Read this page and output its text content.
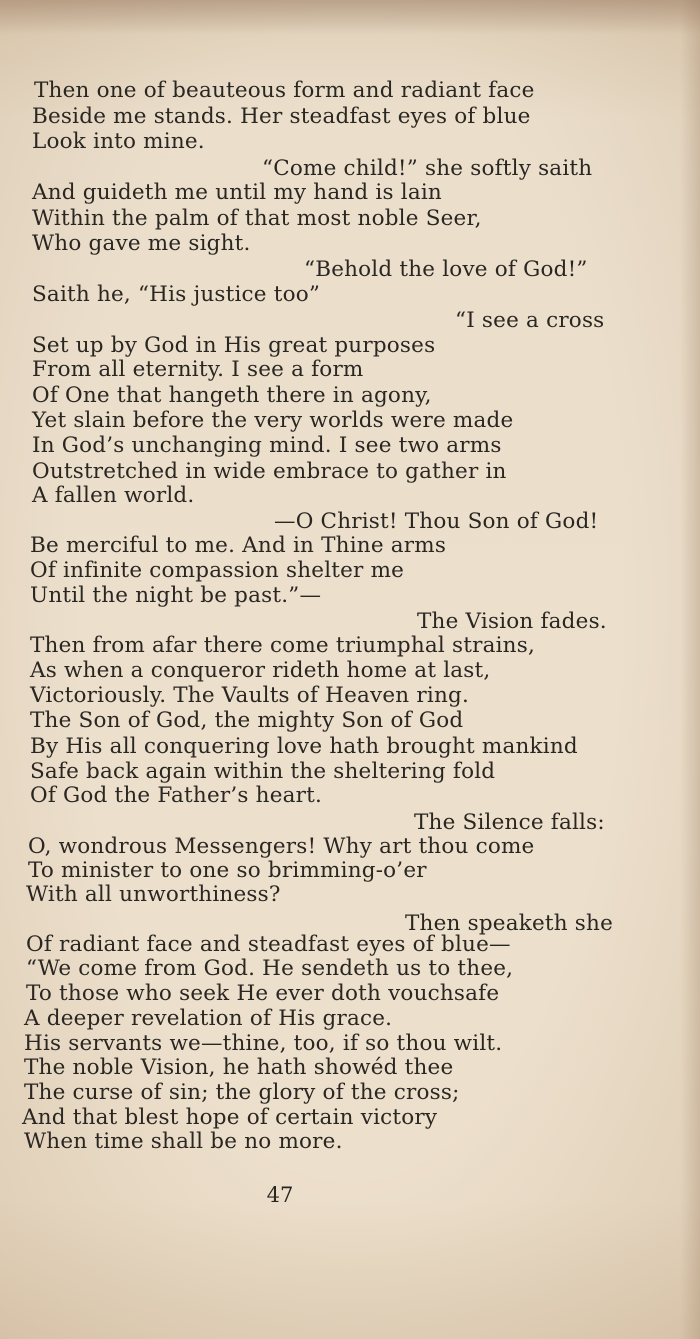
Then one of beauteous form and radiant face

Beside me stands. Her steadfast eyes of blue

Look into mine.

“Come child!” she softly saith

And guideth me until my hand is lain

Within the palm of that most noble Seer,

Who gave me sight.

“Behold the love of God!”

Saith he, “His justice too”

“I see a cross

Set up by God in His great purposes

From all eternity. I see a form

Of One that hangeth there in agony,

Yet slain before the very worlds were made

In God’s unchanging mind. I see two arms

Outstretched in wide embrace to gather in

A fallen world.

—O Christ! Thou Son of God!

Be merciful to me. And in Thine arms

Of infinite compassion shelter me

Until the night be past.”—

The Vision fades.

Then from afar there come triumphal strains,

As when a conqueror rideth home at last,

Victoriously. The Vaults of Heaven ring.

The Son of God, the mighty Son of God

By His all conquering love hath brought mankind

Safe back again within the sheltering fold

Of God the Father’s heart.

The Silence falls:

O, wondrous Messengers! Why art thou come

To minister to one so brimming-o’er

With all unworthiness?

Then speaketh she

Of radiant face and steadfast eyes of blue—

“We come from God. He sendeth us to thee,

To those who seek He ever doth vouchsafe

A deeper revelation of His grace.

His servants we—thine, too, if so thou wilt.

The noble Vision, he hath showéd thee

The curse of sin; the glory of the cross;

And that blest hope of certain victory

When time shall be no more.

47
